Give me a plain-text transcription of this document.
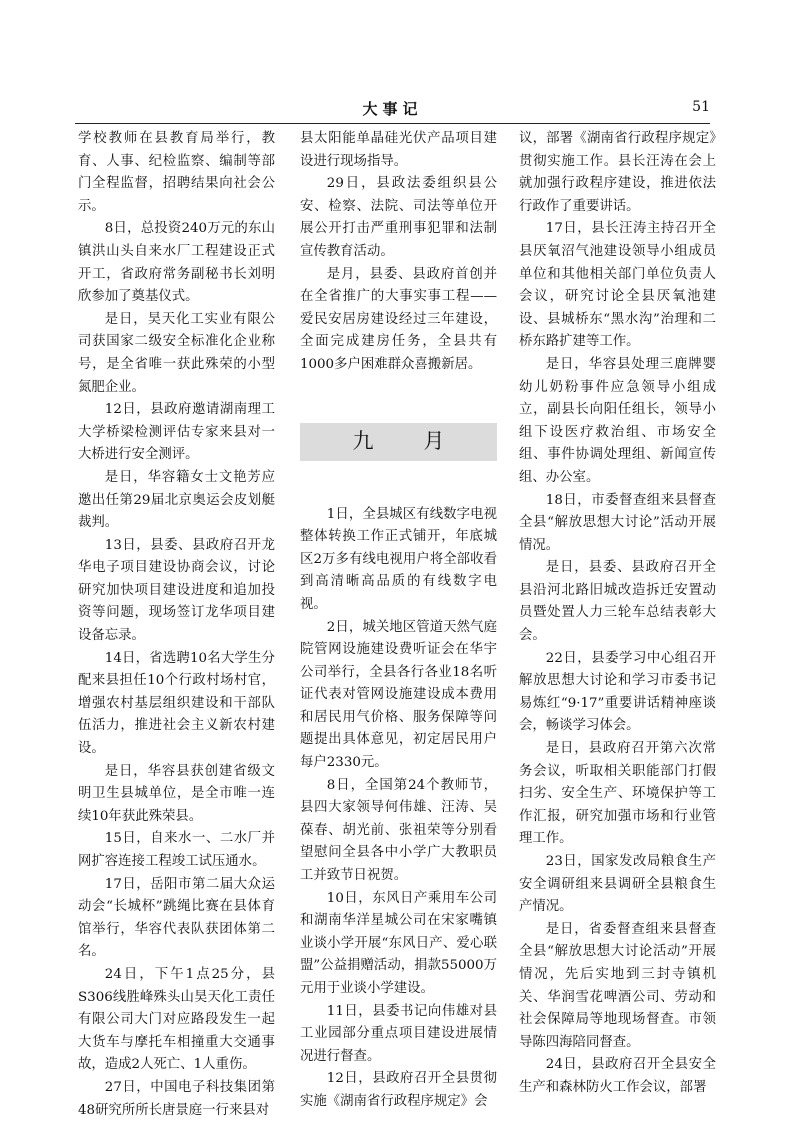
大事记	51

学校教师在县教育局举行，教育、人事、纪检监察、编制等部门全程监督，招聘结果向社会公示。

8日，总投资240万元的东山镇洪山头自来水厂工程建设正式开工，省政府常务副秘书长刘明欣参加了奠基仪式。

是日，昊天化工实业有限公司获国家二级安全标准化企业称号，是全省唯一获此殊荣的小型氮肥企业。

12日，县政府邀请湖南理工大学桥梁检测评估专家来县对一大桥进行安全测评。

是日，华容籍女士文艳芳应邀出任第29届北京奥运会皮划艇裁判。

13日，县委、县政府召开龙华电子项目建设协商会议，讨论研究加快项目建设进度和追加投资等问题，现场签订龙华项目建设备忘录。

14日，省选聘10名大学生分配来县担任10个行政村场村官，增强农村基层组织建设和干部队伍活力，推进社会主义新农村建设。

是日，华容县获创建省级文明卫生县城单位，是全市唯一连续10年获此殊荣县。

15日，自来水一、二水厂并网扩容连接工程竣工试压通水。

17日，岳阳市第二届大众运动会“长城杯”跳绳比赛在县体育馆举行，华容代表队获团体第二名。

24日，下午1点25分，县S306线胜峰殊头山昊天化工责任有限公司大门对应路段发生一起大货车与摩托车相撞重大交通事故，造成2人死亡、1人重伤。

27日，中国电子科技集团第48研究所所长唐景庭一行来县对

县太阳能单晶硅光伏产品项目建设进行现场指导。

29日，县政法委组织县公安、检察、法院、司法等单位开展公开打击严重刑事犯罪和法制宣传教育活动。

是月，县委、县政府首创并在全省推广的大事实事工程——爱民安居房建设经过三年建设，全面完成建房任务，全县共有1000多户困难群众喜搬新居。

九月

1日，全县城区有线数字电视整体转换工作正式铺开，年底城区2万多有线电视用户将全部收看到高清晰高品质的有线数字电视。

2日，城关地区管道天然气庭院管网设施建设费听证会在华宇公司举行，全县各行各业18名听证代表对管网设施建设成本费用和居民用气价格、服务保障等问题提出具体意见，初定居民用户每户2330元。

8日，全国第24个教师节，县四大家领导何伟雄、汪涛、吴葆春、胡光前、张祖荣等分别看望慰问全县各中小学广大教职员工并致节日祝贺。

10日，东风日产乘用车公司和湖南华洋星城公司在宋家嘴镇业谈小学开展“东风日产、爱心联盟”公益捐赠活动，捐款55000万元用于业谈小学建设。

11日，县委书记向伟雄对县工业园部分重点项目建设进展情况进行督查。

12日，县政府召开全县贯彻实施《湖南省行政程序规定》会

议，部署《湖南省行政程序规定》贯彻实施工作。县长汪涛在会上就加强行政程序建设，推进依法行政作了重要讲话。

17日，县长汪涛主持召开全县厌氧沼气池建设领导小组成员单位和其他相关部门单位负责人会议，研究讨论全县厌氧池建设、县城桥东“黑水沟”治理和二桥东路扩建等工作。

是日，华容县处理三鹿牌婴幼儿奶粉事件应急领导小组成立，副县长向阳任组长，领导小组下设医疗救治组、市场安全组、事件协调处理组、新闻宣传组、办公室。

18日，市委督查组来县督查全县“解放思想大讨论”活动开展情况。

是日，县委、县政府召开全县沿河北路旧城改造拆迁安置动员暨处置人力三轮车总结表彰大会。

22日，县委学习中心组召开解放思想大讨论和学习市委书记易炼红“9·17”重要讲话精神座谈会，畅谈学习体会。

是日，县政府召开第六次常务会议，听取相关职能部门打假扫劣、安全生产、环境保护等工作汇报，研究加强市场和行业管理工作。

23日，国家发改局粮食生产安全调研组来县调研全县粮食生产情况。

是日，省委督查组来县督查全县“解放思想大讨论活动”开展情况，先后实地到三封寺镇机关、华润雪花啤酒公司、劳动和社会保障局等地现场督查。市领导陈四海陪同督查。

24日，县政府召开全县安全生产和森林防火工作会议，部署
